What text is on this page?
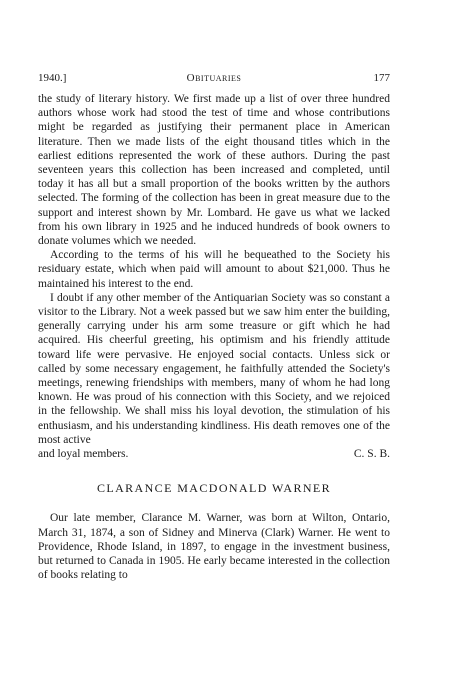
1940.]	Obituaries	177

the study of literary history. We first made up a list of over three hundred authors whose work had stood the test of time and whose contributions might be regarded as justifying their permanent place in American literature. Then we made lists of the eight thousand titles which in the earliest editions represented the work of these authors. During the past seventeen years this collection has been increased and completed, until today it has all but a small proportion of the books written by the authors selected. The forming of the collection has been in great measure due to the support and interest shown by Mr. Lombard. He gave us what we lacked from his own library in 1925 and he induced hundreds of book owners to donate volumes which we needed.

According to the terms of his will he bequeathed to the Society his residuary estate, which when paid will amount to about $21,000. Thus he maintained his interest to the end.

I doubt if any other member of the Antiquarian Society was so constant a visitor to the Library. Not a week passed but we saw him enter the building, generally carrying under his arm some treasure or gift which he had acquired. His cheerful greeting, his optimism and his friendly attitude toward life were pervasive. He enjoyed social contacts. Unless sick or called by some necessary engagement, he faithfully attended the Society's meetings, renewing friendships with members, many of whom he had long known. He was proud of his connection with this Society, and we rejoiced in the fellowship. We shall miss his loyal devotion, the stimulation of his enthusiasm, and his understanding kindliness. His death removes one of the most active

and loyal members.	C. S. B.
CLARANCE MACDONALD WARNER

Our late member, Clarance M. Warner, was born at Wilton, Ontario, March 31, 1874, a son of Sidney and Minerva (Clark) Warner. He went to Providence, Rhode Island, in 1897, to engage in the investment business, but returned to Canada in 1905. He early became interested in the collection of books relating to
